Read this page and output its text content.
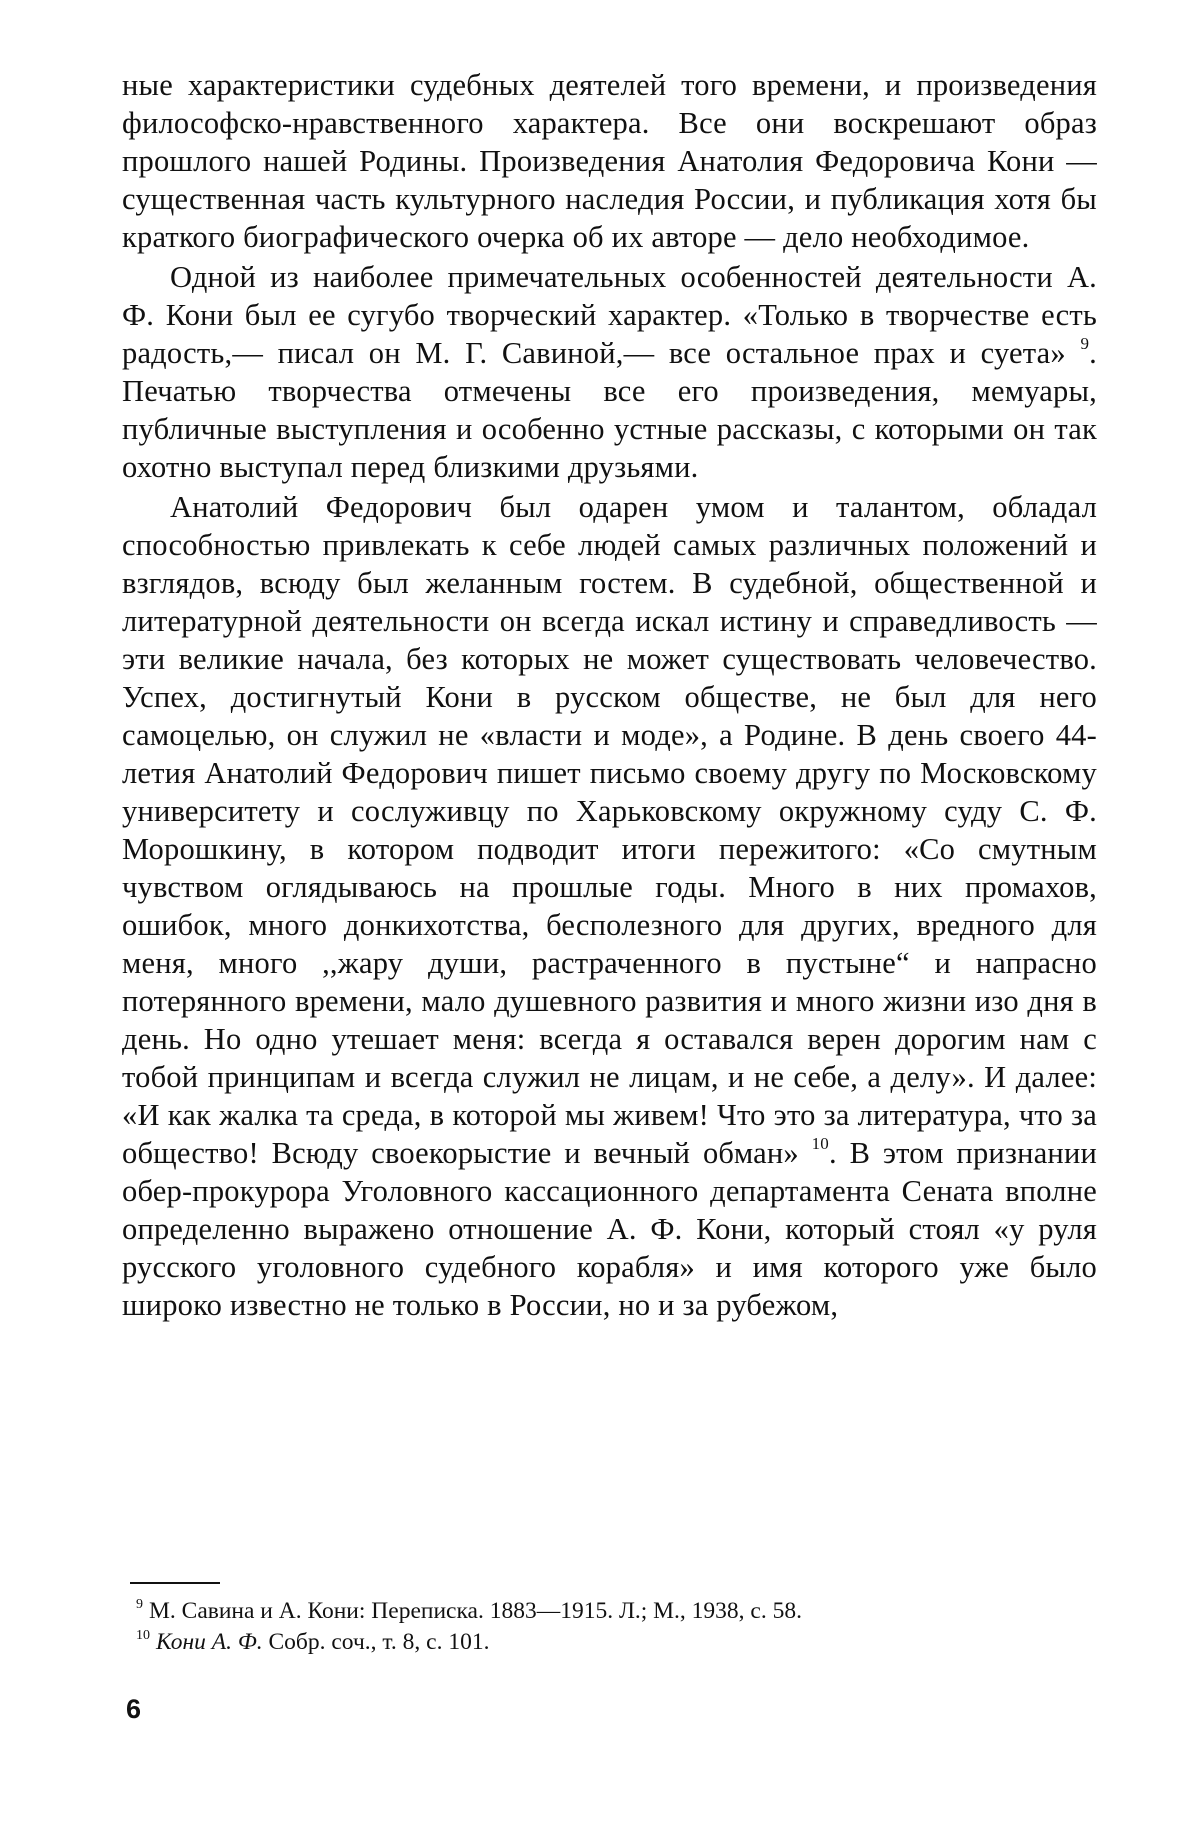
ные характеристики судебных деятелей того времени, и произведения философско-нравственного характера. Все они воскрешают образ прошлого нашей Родины. Произведения Анатолия Федоровича Кони — существенная часть культурного наследия России, и публикация хотя бы краткого биографического очерка об их авторе — дело необходимое.

Одной из наиболее примечательных особенностей деятельности А. Ф. Кони был ее сугубо творческий характер. «Только в творчестве есть радость,— писал он М. Г. Савиной,— все остальное прах и суета» $^9$. Печатью творчества отмечены все его произведения, мемуары, публичные выступления и особенно устные рассказы, с которыми он так охотно выступал перед близкими друзьями.

Анатолий Федорович был одарен умом и талантом, обладал способностью привлекать к себе людей самых различных положений и взглядов, всюду был желанным гостем. В судебной, общественной и литературной деятельности он всегда искал истину и справедливость — эти великие начала, без которых не может существовать человечество. Успех, достигнутый Кони в русском обществе, не был для него самоцелью, он служил не «власти и моде», а Родине. В день своего 44-летия Анатолий Федорович пишет письмо своему другу по Московскому университету и сослуживцу по Харьковскому окружному суду С. Ф. Морошкину, в котором подводит итоги пережитого: «Со смутным чувством оглядываюсь на прошлые годы. Много в них промахов, ошибок, много донкихотства, бесполезного для других, вредного для меня, много ,,жару души, растраченного в пустыне“ и напрасно потерянного времени, мало душевного развития и много жизни изо дня в день. Но одно утешает меня: всегда я оставался верен дорогим нам с тобой принципам и всегда служил не лицам, и не себе, а делу». И далее: «И как жалка та среда, в которой мы живем! Что это за литература, что за общество! Всюду своекорыстие и вечный обман» $^{10}$. В этом признании обер-прокурора Уголовного кассационного департамента Сената вполне определенно выражено отношение А. Ф. Кони, который стоял «у руля русского уголовного судебного корабля» и имя которого уже было широко известно не только в России, но и за рубежом,

$^9$ М. Савина и А. Кони: Переписка. 1883—1915. Л.; М., 1938, с. 58.
$^{10}$ Кони А. Ф. Собр. соч., т. 8, с. 101.
6
